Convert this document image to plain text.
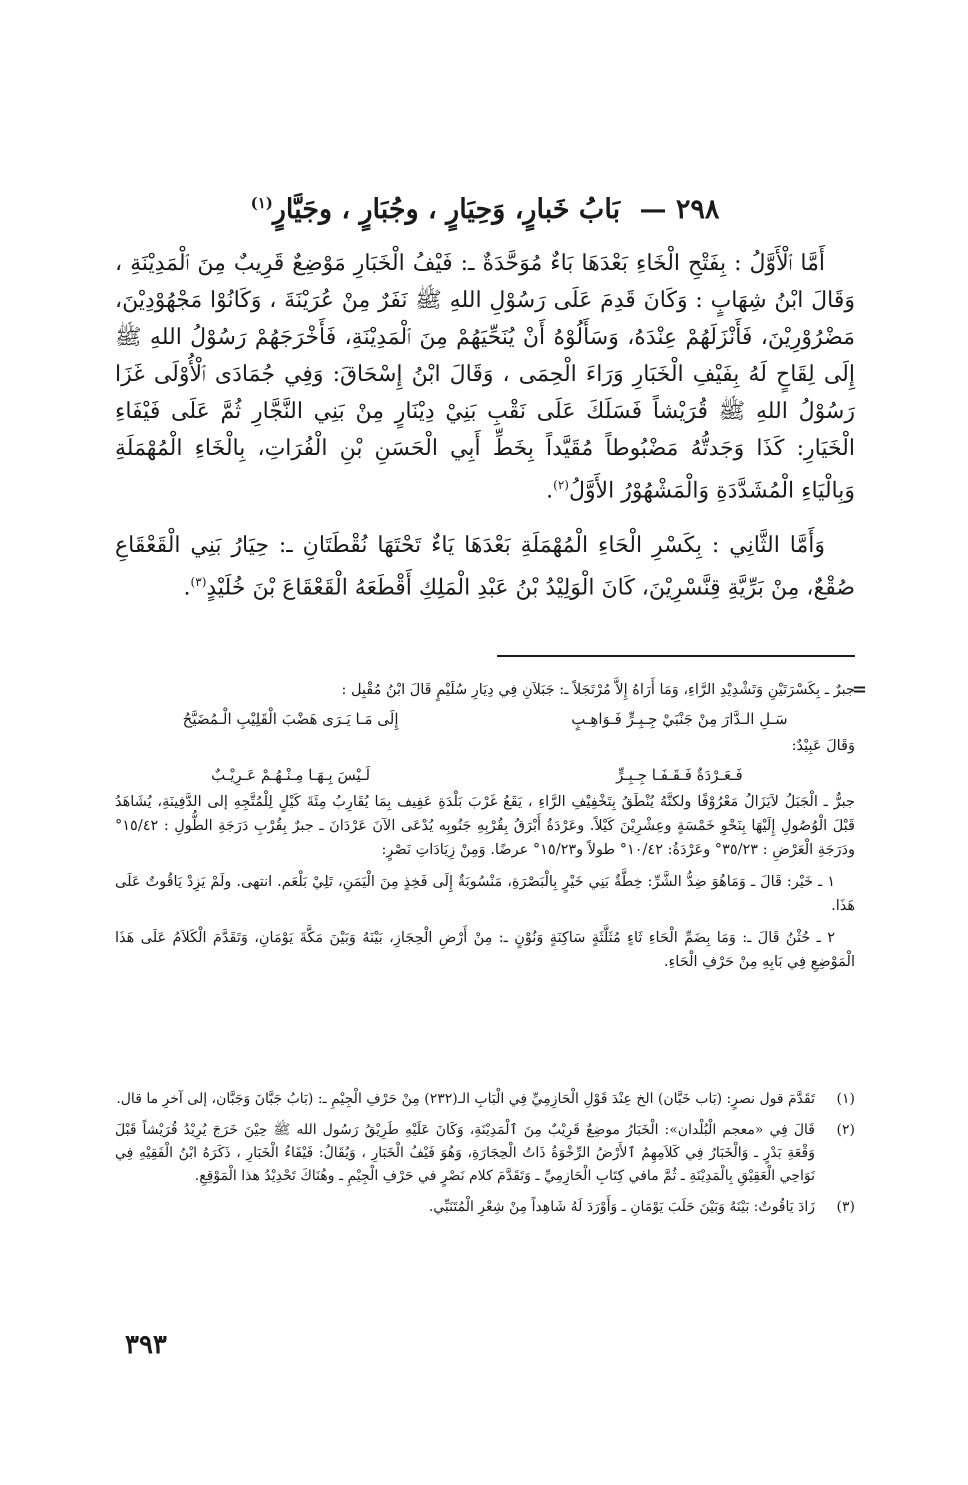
٢٩٨ — بَابُ خَبارٍ، وَحِيَارٍ ، وجُبَارٍ ، وجَيَّارٍ$^{(١)}$

أَمَّا ٱلْأَوَّلُ : بِفَتْحِ الْخَاءِ بَعْدَهَا بَاءٌ مُوَحَّدَةٌ ـ: فَيْفُ الْخَبَارِ مَوْضِعٌ قَرِيبٌ مِنَ ٱلْمَدِيْنَةِ ، وَقَالَ ابْنُ شِهَابٍ : وَكَانَ قَدِمَ عَلَى رَسُوْلِ اللهِ ﷺ نَفَرٌ مِنْ عُرَيْنَةَ ، وَكَانُوْا مَجْهُوْدِيْنَ، مَضْرُوْرِيْنَ، فَأَنْزَلَهُمْ عِنْدَهُ، وَسَأَلُوْهُ أَنْ يُنَحِّيَهُمْ مِنَ ٱلْمَدِيْنَةِ، فَأَخْرَجَهُمْ رَسُوْلُ اللهِ ﷺ إِلَى لِقَاحٍ لَهُ بِفَيْفِ الْخَبَارِ وَرَاءَ الْحِمَى ، وَقَالَ ابْنُ إِسْحَاقَ: وَفِي جُمَادَى ٱلْأُوْلَى غَزَا رَسُوْلُ اللهِ ﷺ قُرَيْشاً فَسَلَكَ عَلَى نَقْبِ بَنِيْ دِيْنَارٍ مِنْ بَنِي النَّجَّارِ ثُمَّ عَلَى فَيْفَاءِ الْخَيَارِ: كَذَا وَجَدتُّهُ مَضْبُوطاً مُقَيَّداً بِخَطِّ أَبِي الْحَسَنِ بْنِ الْفُرَاتِ، بِالْخَاءِ الْمُهْمَلَةِ وَبِالْيَاءِ الْمُشَدَّدَةِ وَالْمَشْهُوْرُ الأَوَّلُ$^{(٢)}$.

وَأَمَّا الثَّانِي : بِكَسْرِ الْحَاءِ الْمُهْمَلَةِ بَعْدَهَا يَاءٌ تَحْتَهَا نُقْطَتَانِ ـ: حِيَارُ بَنِي الْقَعْقَاعِ صُقْعٌ، مِنْ بَرِّيَّةِ قِنَّسْرِيْنَ، كَانَ الْوَلِيْدُ بْنُ عَبْدِ الْمَلِكِ أَقْطَعَهُ الْقَعْقَاعَ بْنَ خُلَيْدٍ$^{(٣)}$.

=

جبرٌ ـ بِكَسْرَتَيْنِ وَتَشْدِيْدِ الرَّاءِ، وَمَا أَرَاهُ إِلاَّ مُرْتَجَلاً ـ: جَبَلاَنِ فِي دِيَارِ سُلَيْمٍ قَالَ ابْنُ مُقْبِل :

سَـلِ الـدَّارَ مِنْ جَنْبَيْ جِـبِـرٍّ فَـوَاهِـبٍ
إِلَى مَـا يَـرَى هَضْبَ الْقَلِيْبِ الْـمُضَيَّحُ

وَقَالَ عَبِيْدٌ:

فَـعَـرْدَةٌ فَـقَـفَـا جِـبِـرٍّ
لَـيْسَ بِـهَـا مِـنْـهُـمْ عَـرِيْـبٌ

جبرٌّ ـ الْجَبَلُ لاَيَزَالُ مَعْرُوْفًا ولكنَّهُ يُنْطَقُ بِتَخْفِيْفِ الرَّاءِ ، يَقَعُ غَرْبَ بَلْدَةِ عَفِيف بِمَا يُقَارِبُ مِئَةَ كَيْلٍ لِلْمُتَّجِهِ إلى الدَّفِينَةِ، يُشَاهَدُ قَبْلَ الْوُصُولِ إِلَيْهَا بِنَحْوِ خَمْسَةٍ وعِشْرِيْنَ كَيْلاً. وعَرْدَةُ أَبْرَقُ بِقُرْبِهِ جَنُوبِه يُدْعَى الآنَ عَرْدَانَ ـ جبرٌ بِقُرْبِ دَرَجَةِ الطُّولِ : ١٥/٤٢° ودَرَجَةِ الْعَرْضِ : ٣٥/٢٣° وعَرْدَةُ: ١٠/٤٢° طولاً و١٥/٢٣° عرضًا. وَمِنْ زِيَادَاتِ نَصْرٍ:

١ ـ خَيْر: قَالَ ـ وَمَاهُوَ ضِدُّ الشَّرِّ: خِطَّةٌ بَنِي خَيْرٍ بِالْبَصْرَةِ، مَنْسُوبَةٌ إِلَى فَخِذٍ مِنَ الْيَمَنِ، تَلِيْ بَلْعَم. انتهى. ولَمْ يَزِدْ يَاقُوتٌ عَلَى هَذَا.

٢ ـ حُثْنُ قَالَ ـ: وَمَا بِضَمِّ الْحَاءِ ثَاءٍ مُثَلَّثَةٍ سَاكِنَةٍ وَنُوْنٍ ـ: مِنْ أَرْضِ الْحِجَازِ، بَيْنَهُ وَبَيْنَ مَكَّةَ يَوْمَانِ، وَتَقَدَّمَ الْكَلاَمُ عَلَى هَذَا الْمَوْضِعِ فِي بَابِهِ مِنْ حَرْفِ الْحَاءِ.

(١)
تَقَدَّمَ قول نصرٍ: (بَاب خَبَّان) الخ عِنْدَ قَوْلِ الْحَازِمِيِّ فِي الْبَابِ الـ(٢٣٢) مِنْ حَرْفِ الْجِيْمِ ـ: (بَابُ جَبَّانَ وَجَبَّان، إلى آخرِ ما قال.
(٢)
قَالَ فِي «معجم الْبُلْدان»: الْخَبَارُ موضِعٌ قَرِيْبٌ مِنَ ٱلْمَدِيْنَةِ، وَكَانَ عَلَيْهِ طَرِيْقُ رَسُول الله ﷺ حِيْنَ خَرَجَ يُرِيْدُ قُرَيْشاً قَبْلَ وَقْعَةِ بَدْرٍ ـ وَالْخَبَارُ فِي كَلاَمِهِمُ ٱلأَرْضُ الرِّخْوَةُ ذَاتُ الْحِجَارَةِ، وَهُوَ فَيْفُ الْخَبَارِ ، وَيُقَالُ: فَيْفَاءُ الْخَبَارِ ، ذَكَرَهُ ابْنُ الْفَقِيْهِ فِي نَوَاحِي الْعَقِيْقِ بِالْمَدِيْنَةِ ـ ثُمَّ مافي كِتَابِ الْحَازِمِيِّ ـ وَتَقَدَّمَ كلام نَصْرٍ في حَرْفِ الْجِيْمِ ـ وهُنَاكَ تَحْدِيْدُ هذا الْمَوْقِعِ.
(٣)
زَادَ يَاقُوتٌ: بَيْنَهُ وَبَيْنَ حَلَبَ يَوْمَانِ ـ وَأَوْرَدَ لَهُ شَاهِداً مِنْ شِعْرِ الْمُتَنَبِّي.
٣٩٣
